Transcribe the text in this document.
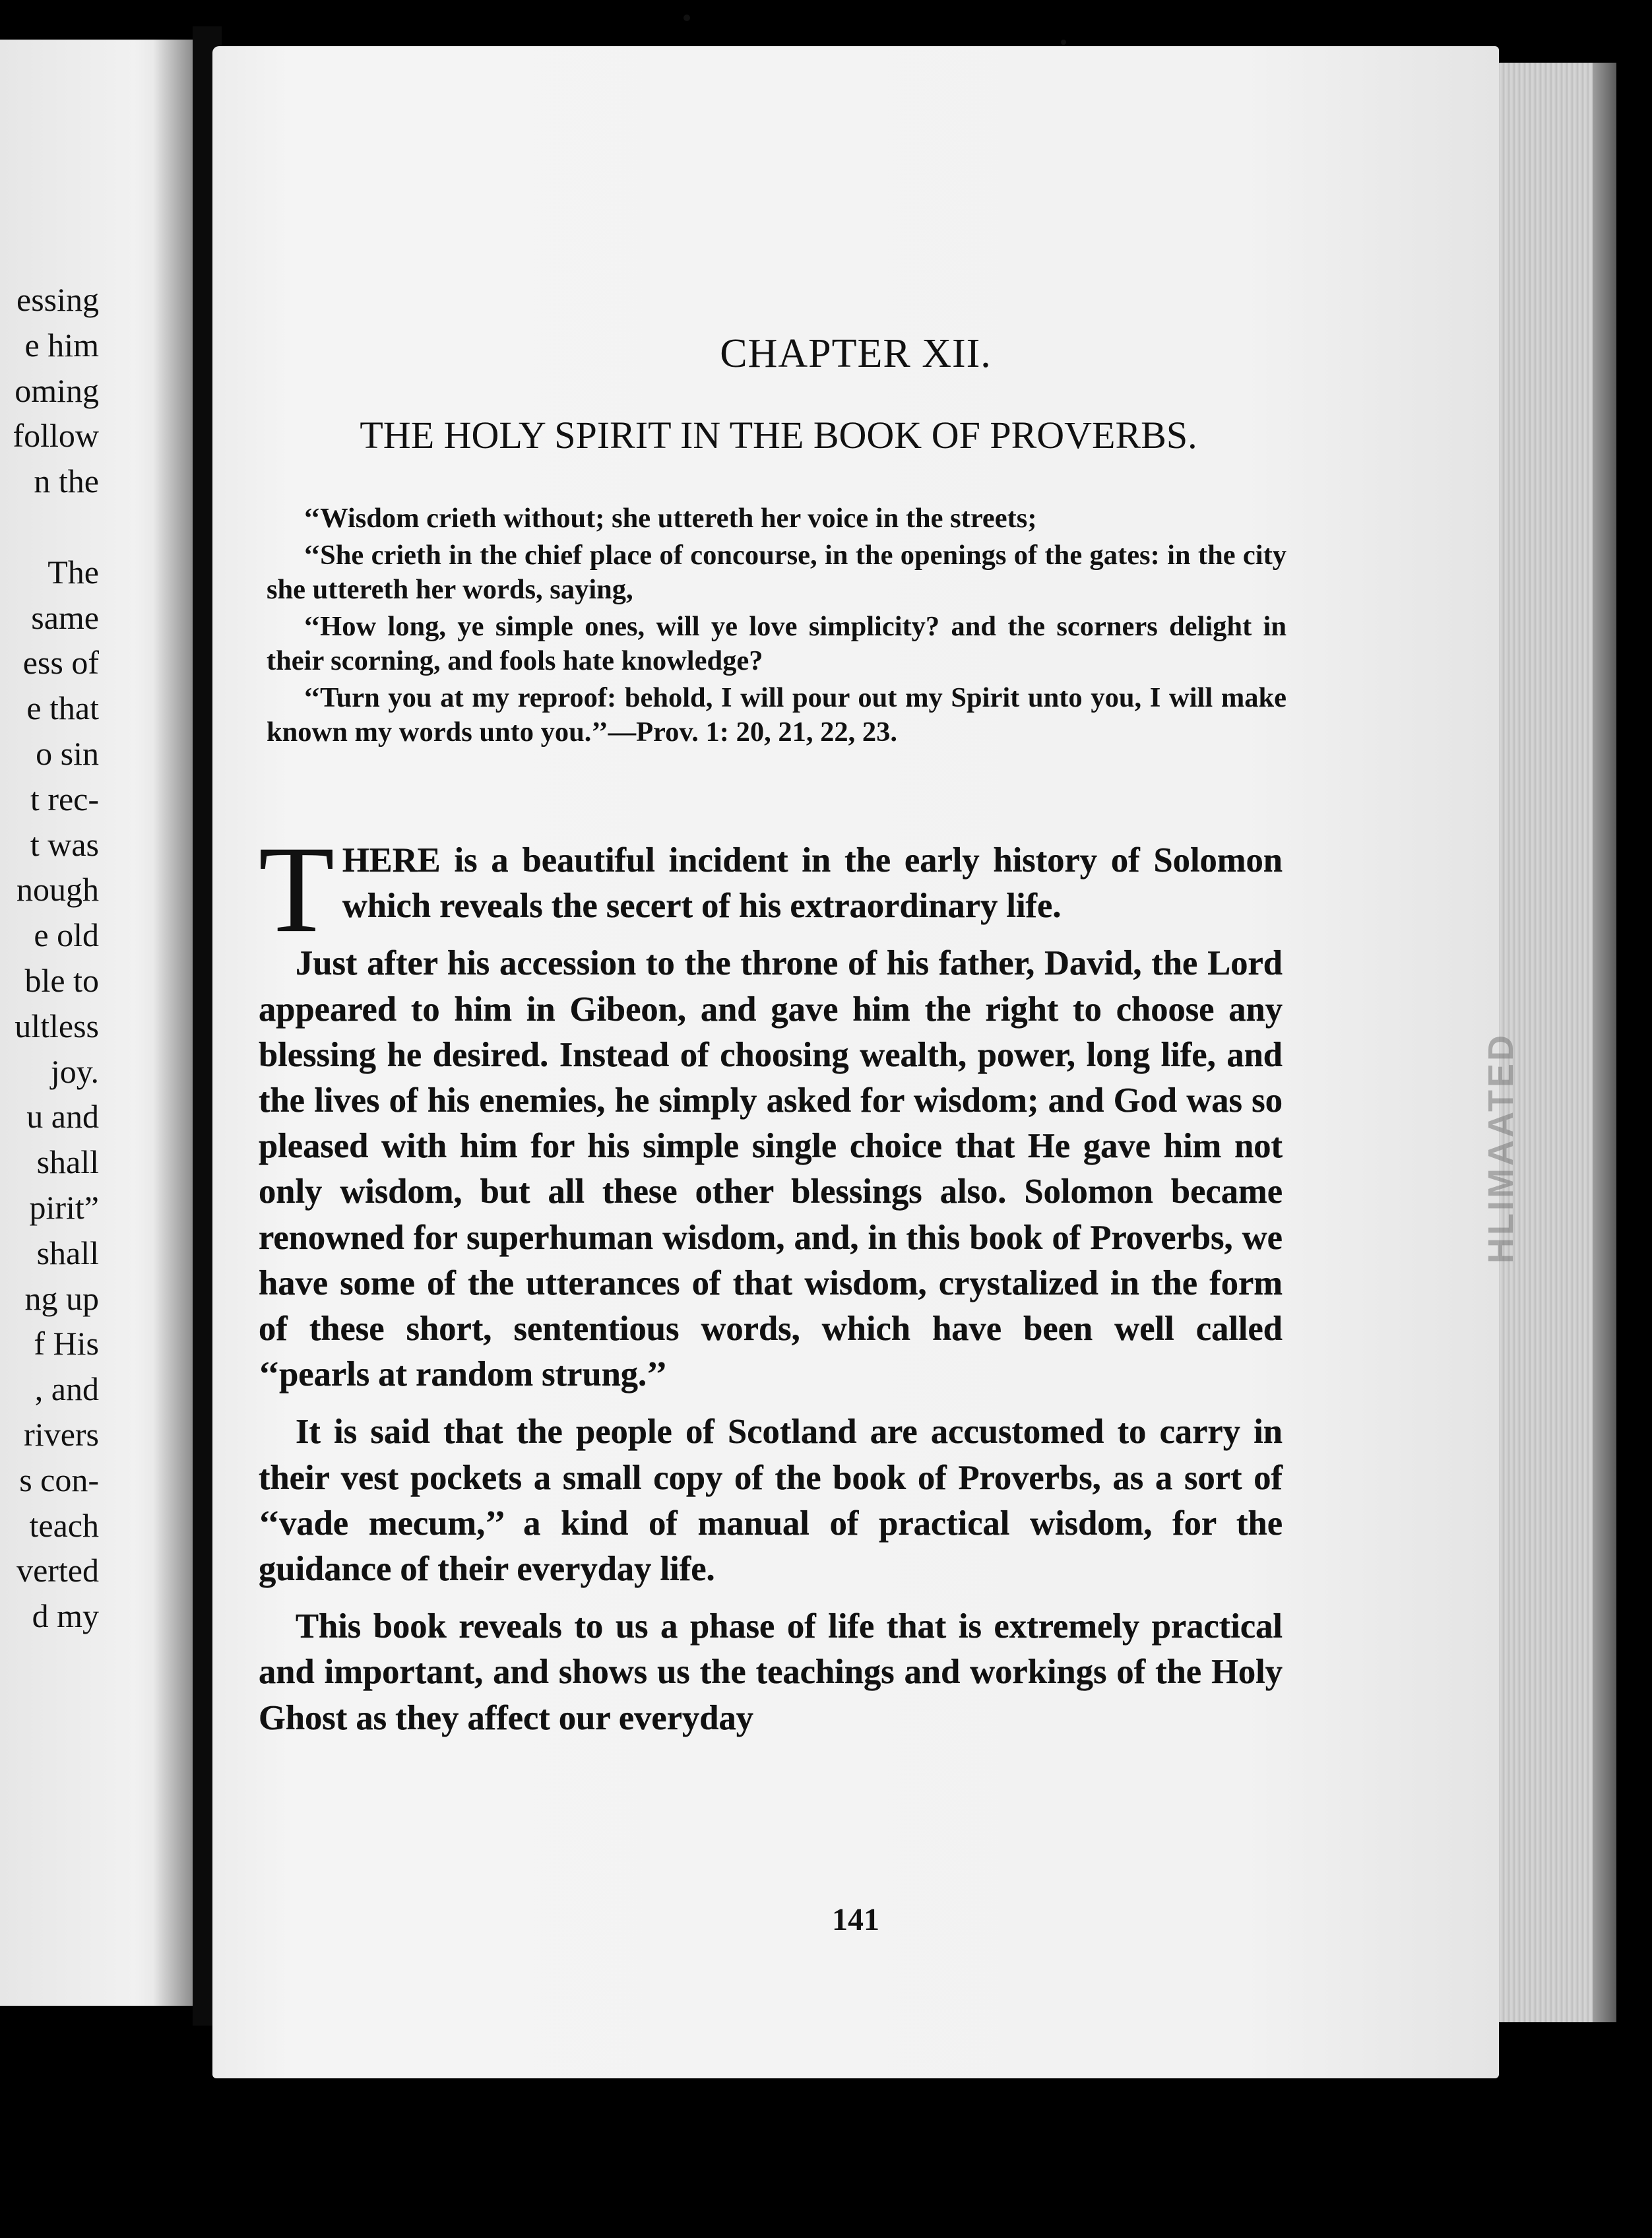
essing
e him
oming
follow
n the
The
same
ess of
e that
o sin
t rec-
t was
nough
e old
ble to
ultless
joy.
u and
shall
pirit”
shall
ng up
f His
, and
rivers
s con-
teach
verted
d my
HLIMAATED
CHAPTER XII.
THE HOLY SPIRIT IN THE BOOK OF PROVERBS.

‘‘Wisdom crieth without; she uttereth her voice in the streets;

‘‘She crieth in the chief place of concourse, in the openings of the gates: in the city she uttereth her words, saying,

‘‘How long, ye simple ones, will ye love simplicity? and the scorners delight in their scorning, and fools hate knowledge?

‘‘Turn you at my reproof: behold, I will pour out my Spirit unto you, I will make known my words unto you.’’—Prov. 1: 20, 21, 22, 23.

THERE is a beautiful incident in the early history of Solomon which reveals the secert of his extraordinary life.

Just after his accession to the throne of his father, David, the Lord appeared to him in Gibeon, and gave him the right to choose any blessing he desired. Instead of choosing wealth, power, long life, and the lives of his enemies, he simply asked for wisdom; and God was so pleased with him for his simple single choice that He gave him not only wisdom, but all these other blessings also. Solomon became renowned for superhuman wisdom, and, in this book of Proverbs, we have some of the utterances of that wisdom, crystalized in the form of these short, sententious words, which have been well called ‘‘pearls at random strung.’’

It is said that the people of Scotland are accustomed to carry in their vest pockets a small copy of the book of Proverbs, as a sort of ‘‘vade mecum,’’ a kind of manual of practical wisdom, for the guidance of their everyday life.

This book reveals to us a phase of life that is extremely practical and important, and shows us the teachings and workings of the Holy Ghost as they affect our everyday

141
